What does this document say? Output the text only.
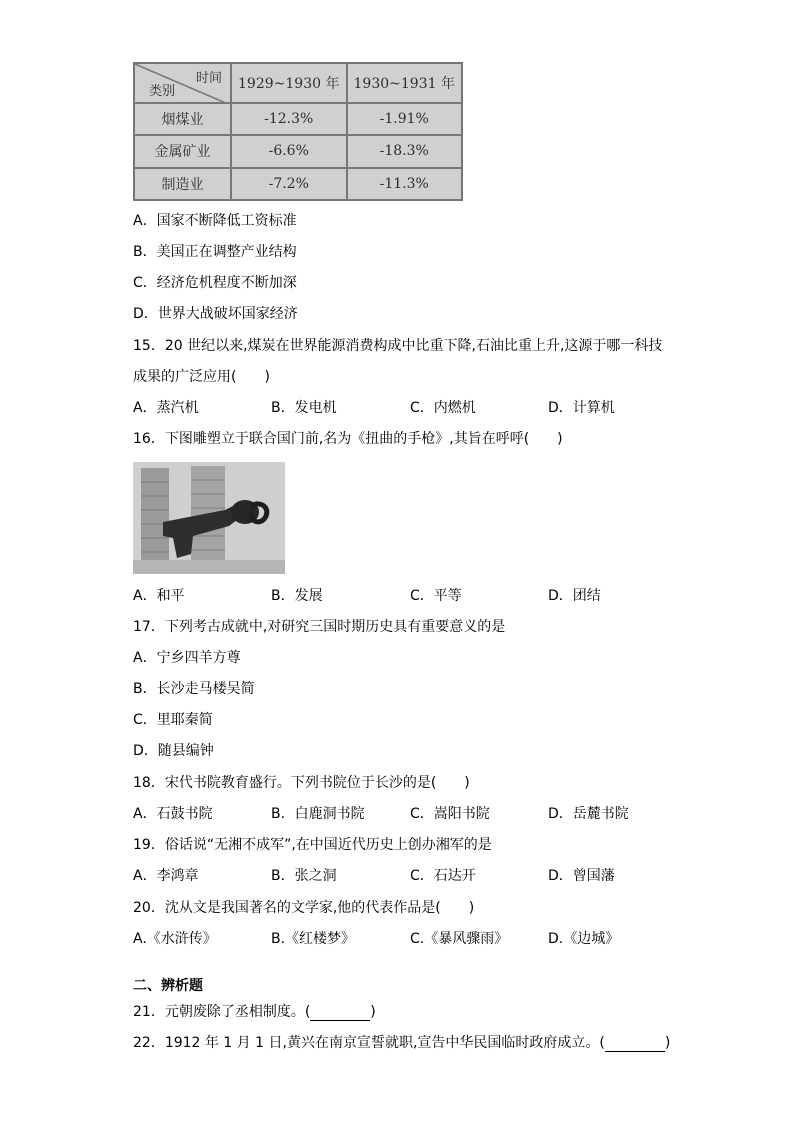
时间
类别	1929~1930 年	1930~1931 年
烟煤业	-12.3%	-1.91%
金属矿业	-6.6%	-18.3%
制造业	-7.2%	-11.3%
A．国家不断降低工资标准
B．美国正在调整产业结构
C．经济危机程度不断加深
D．世界大战破坏国家经济
15．20 世纪以来,煤炭在世界能源消费构成中比重下降,石油比重上升,这源于哪一科技
成果的广泛应用(　　)
A．蒸汽机	B．发电机	C．内燃机	D．计算机
16．下图雕塑立于联合国门前,名为《扭曲的手枪》,其旨在呼呼(　　)
A．和平	B．发展	C．平等	D．团结
17．下列考古成就中,对研究三国时期历史具有重要意义的是
A．宁乡四羊方尊
B．长沙走马楼吴简
C．里耶秦简
D．随县编钟
18．宋代书院教育盛行。下列书院位于长沙的是(　　)
A．石鼓书院	B．白鹿洞书院	C．嵩阳书院	D．岳麓书院
19．俗话说“无湘不成军”,在中国近代历史上创办湘军的是
A．李鸿章	B．张之洞	C．石达开	D．曾国藩
20．沈从文是我国著名的文学家,他的代表作品是(　　)
A.《水浒传》	B.《红楼梦》	C.《暴风骤雨》	D.《边城》
二、辨析题
21．元朝废除了丞相制度。(	)
22．1912 年 1 月 1 日,黄兴在南京宣誓就职,宣告中华民国临时政府成立。(	)
